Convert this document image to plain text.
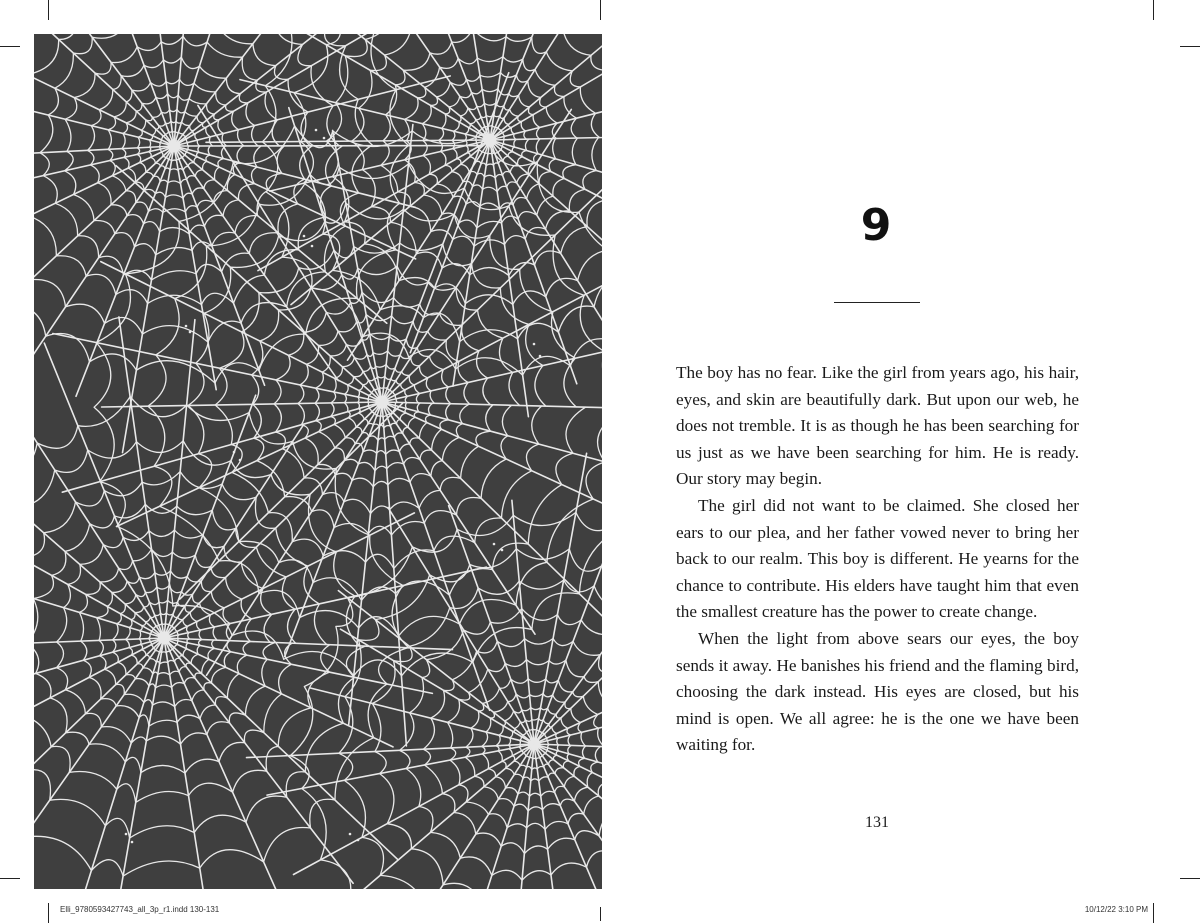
9

The boy has no fear. Like the girl from years ago, his hair, eyes, and skin are beautifully dark. But upon our web, he does not tremble. It is as though he has been searching for us just as we have been searching for him. He is ready. Our story may begin.

The girl did not want to be claimed. She closed her ears to our plea, and her father vowed never to bring her back to our realm. This boy is different. He yearns for the chance to contribute. His elders have taught him that even the smallest creature has the power to create change.

When the light from above sears our eyes, the boy sends it away. He banishes his friend and the flaming bird, choosing the dark instead. His eyes are closed, but his mind is open. We all agree: he is the one we have been waiting for.

131
Elli_9780593427743_all_3p_r1.indd 130-131	10/12/22 3:10 PM
